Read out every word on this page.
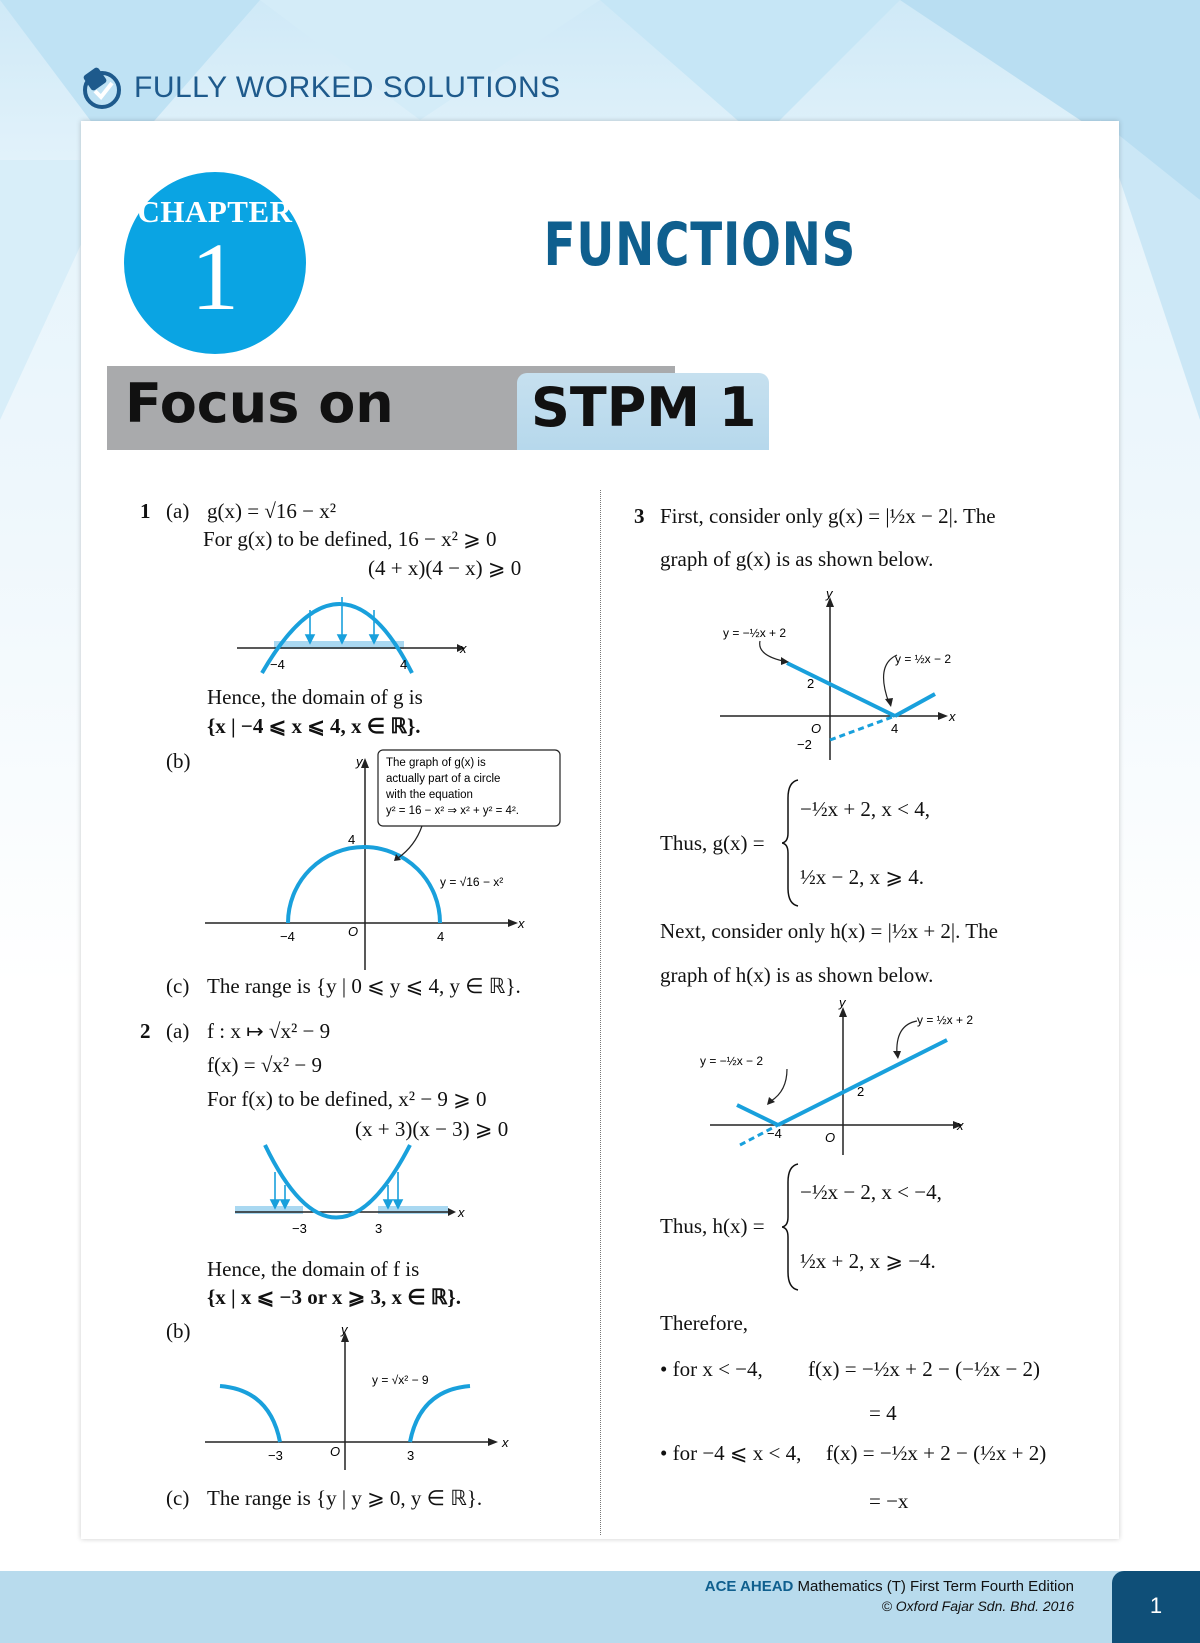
FULLY WORKED SOLUTIONS
CHAPTER
1	FUNCTIONS
Focus on	STPM 1
1 (a) g(x) = √16 − x²
For g(x) to be defined, 16 − x² ⩾ 0
(4 + x)(4 − x) ⩾ 0
x
−4	4
Hence, the domain of g is
{x | −4 ⩽ x ⩽ 4, x ∈ ℝ}.
(b)	y
x
4
−4	O	4
y = √16 − x²
The graph of g(x) is
actually part of a circle
with the equation
y² = 16 − x² ⇒ x² + y² = 4².
(c) The range is {y | 0 ⩽ y ⩽ 4, y ∈ ℝ}.
2 (a) f : x ↦ √x² − 9
f(x) = √x² − 9
For f(x) to be defined, x² − 9 ⩾ 0
(x + 3)(x − 3) ⩾ 0
x
−3	3
Hence, the domain of f is
{x | x ⩽ −3 or x ⩾ 3, x ∈ ℝ}.
(b)	y
x
−3	O	3
y = √x² − 9
(c) The range is {y | y ⩾ 0, y ∈ ℝ}.
3 First, consider only g(x) = |½x − 2|. The
graph of g(x) is as shown below.
y
x
y = −½x + 2
y = ½x − 2
2
−2
O	4
Thus, g(x) =
−½x + 2, x < 4,
½x − 2, x ⩾ 4.
Next, consider only h(x) = |½x + 2|. The
graph of h(x) is as shown below.
y
x
y = −½x − 2
y = ½x + 2
2
O
−4
Thus, h(x) =
−½x − 2, x < −4,
½x + 2, x ⩾ −4.
Therefore,
• for x < −4, f(x) = −½x + 2 − (−½x − 2)
= 4
• for −4 ⩽ x < 4, f(x) = −½x + 2 − (½x + 2)
= −x
ACE AHEAD Mathematics (T) First Term Fourth Edition
© Oxford Fajar Sdn. Bhd. 2016	1
